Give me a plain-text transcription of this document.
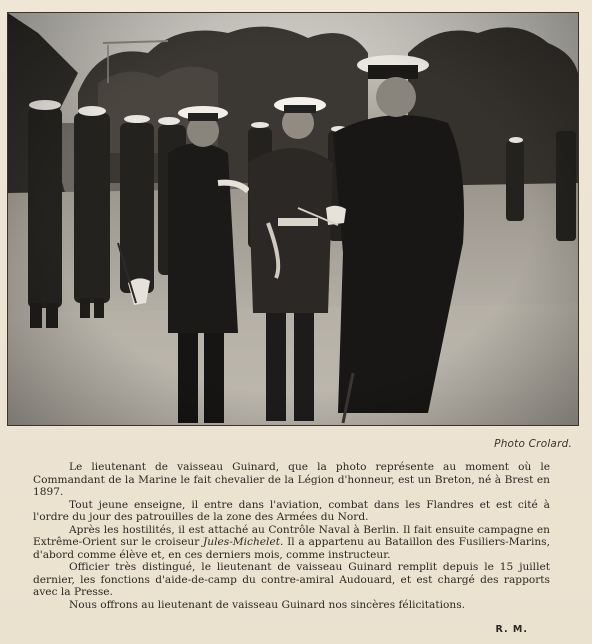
Photo Crolard.

Le lieutenant de vaisseau Guinard, que la photo représente au moment où le Commandant de la Marine le fait chevalier de la Légion d'honneur, est un Breton, né à Brest en 1897.

Tout jeune enseigne, il entre dans l'aviation, combat dans les Flandres et est cité à l'ordre du jour des patrouilles de la zone des Armées du Nord.

Après les hostilités, il est attaché au Contrôle Naval à Berlin. Il fait ensuite campagne en Extrême-Orient sur le croiseur Jules-Michelet. Il a appartenu au Bataillon des Fusiliers-Marins, d'abord comme élève et, en ces derniers mois, comme instructeur.

Officier très distingué, le lieutenant de vaisseau Guinard remplit depuis le 15 juillet dernier, les fonctions d'aide-de-camp du contre-amiral Audouard, et est chargé des rapports avec la Presse.

Nous offrons au lieutenant de vaisseau Guinard nos sincères félicitations.

R. M.
